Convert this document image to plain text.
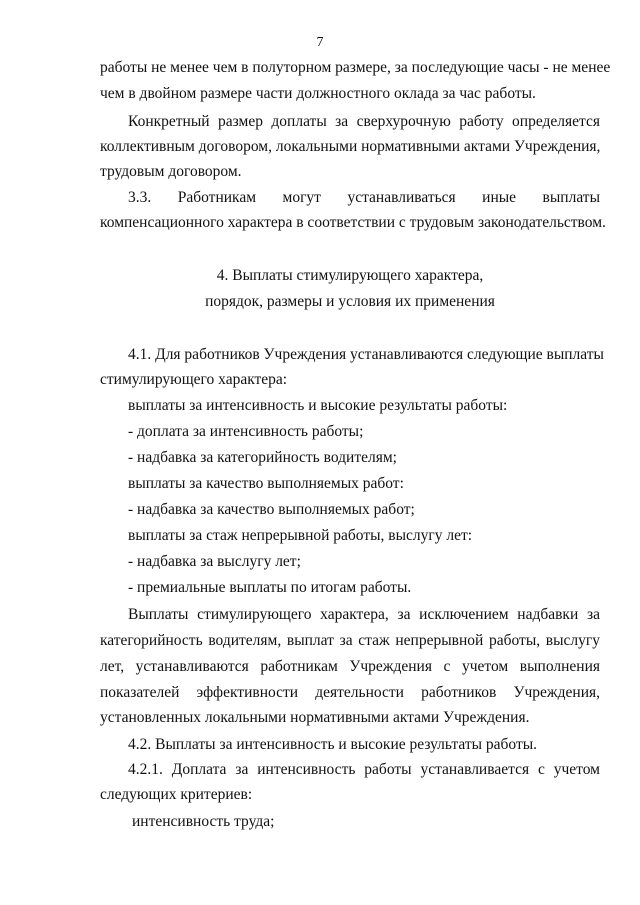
7
работы не менее чем в полуторном размере, за последующие часы - не менее
чем в двойном размере части должностного оклада за час работы.
Конкретный размер доплаты за сверхурочную работу определяется
коллективным договором, локальными нормативными актами Учреждения,
трудовым договором.
3.3. Работникам могут устанавливаться иные выплаты
компенсационного характера в соответствии с трудовым законодательством.
4. Выплаты стимулирующего характера,
порядок, размеры и условия их применения
4.1. Для работников Учреждения устанавливаются следующие выплаты
стимулирующего характера:
выплаты за интенсивность и высокие результаты работы:
- доплата за интенсивность работы;
- надбавка за категорийность водителям;
выплаты за качество выполняемых работ:
- надбавка за качество выполняемых работ;
выплаты за стаж непрерывной работы, выслугу лет:
- надбавка за выслугу лет;
- премиальные выплаты по итогам работы.
Выплаты стимулирующего характера, за исключением надбавки за
категорийность водителям, выплат за стаж непрерывной работы, выслугу
лет, устанавливаются работникам Учреждения с учетом выполнения
показателей эффективности деятельности работников Учреждения,
установленных локальными нормативными актами Учреждения.
4.2. Выплаты за интенсивность и высокие результаты работы.
4.2.1. Доплата за интенсивность работы устанавливается с учетом
следующих критериев:
интенсивность труда;
